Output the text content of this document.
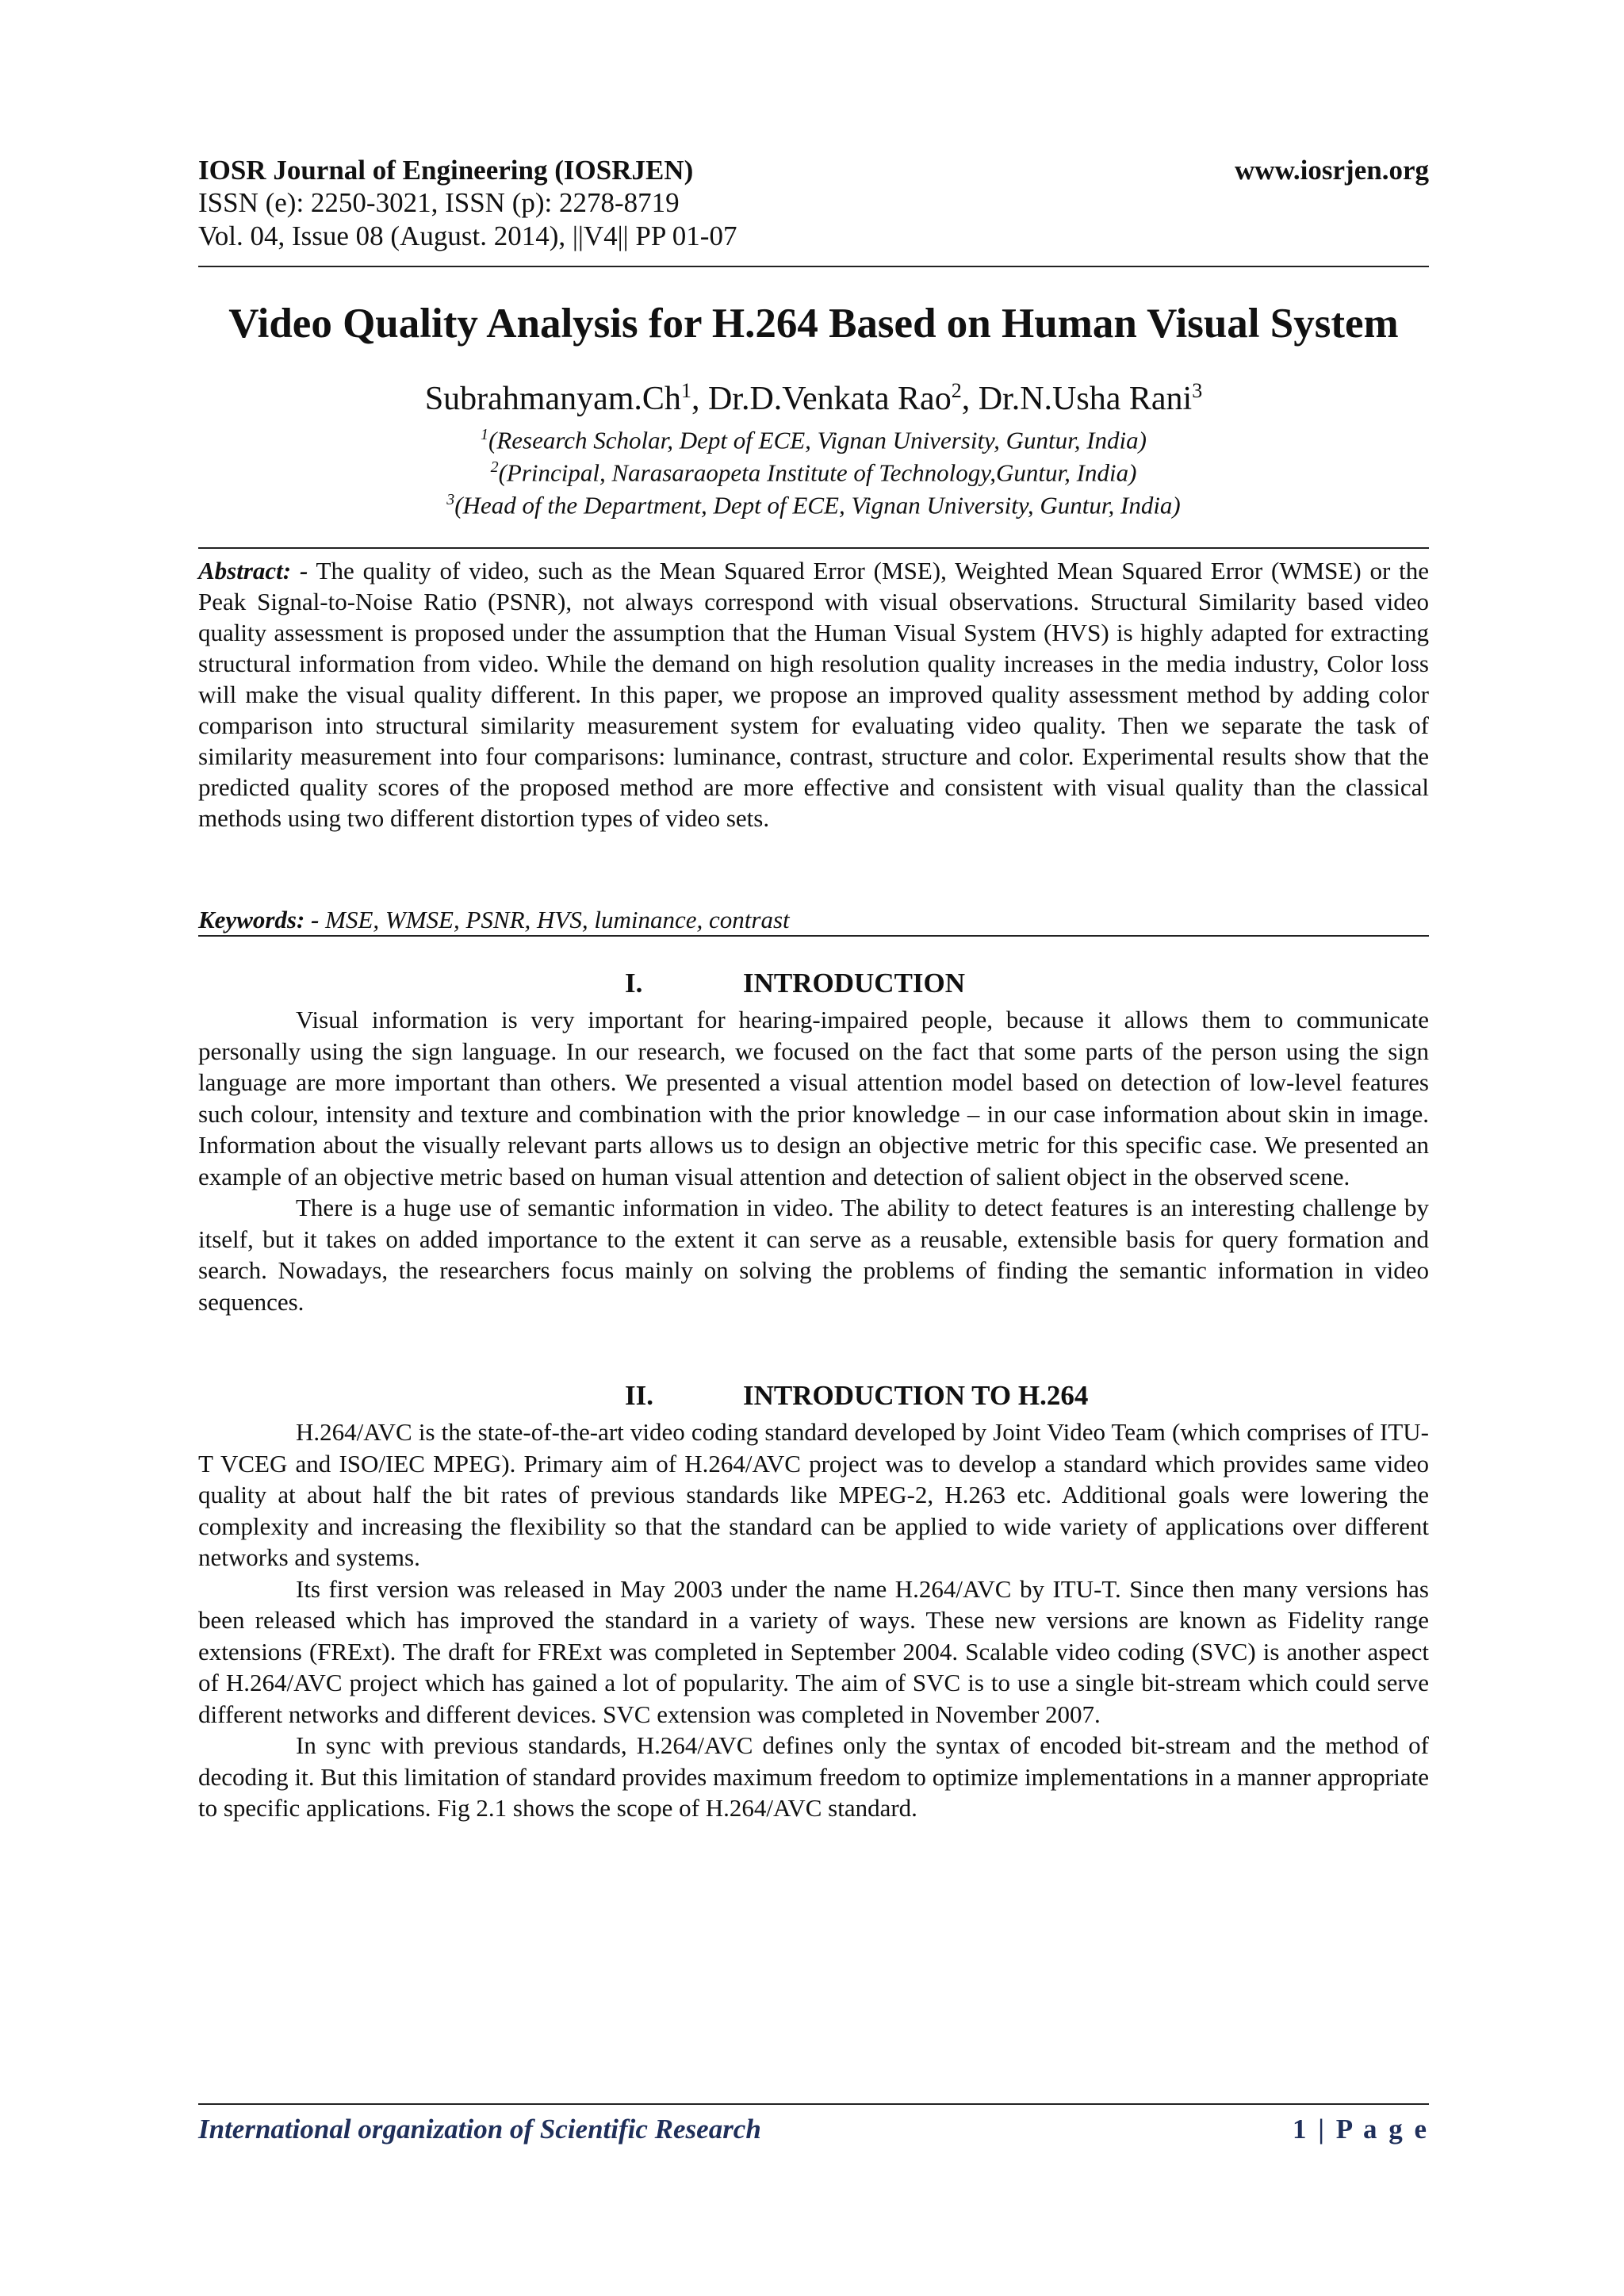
IOSR Journal of Engineering (IOSRJEN)	www.iosrjen.org
ISSN (e): 2250-3021, ISSN (p): 2278-8719
Vol. 04, Issue 08 (August. 2014), ||V4|| PP 01-07
Video Quality Analysis for H.264 Based on Human Visual System
Subrahmanyam.Ch$^1$, Dr.D.Venkata Rao$^2$, Dr.N.Usha Rani$^3$
$^1$(Research Scholar, Dept of ECE, Vignan University, Guntur, India)
$^2$(Principal, Narasaraopeta Institute of Technology,Guntur, India)
$^3$(Head of the Department, Dept of ECE, Vignan University, Guntur, India)
Abstract: - The quality of video, such as the Mean Squared Error (MSE), Weighted Mean Squared Error (WMSE) or the Peak Signal-to-Noise Ratio (PSNR), not always correspond with visual observations. Structural Similarity based video quality assessment is proposed under the assumption that the Human Visual System (HVS) is highly adapted for extracting structural information from video. While the demand on high resolution quality increases in the media industry, Color loss will make the visual quality different. In this paper, we propose an improved quality assessment method by adding color comparison into structural similarity measurement system for evaluating video quality. Then we separate the task of similarity measurement into four comparisons: luminance, contrast, structure and color. Experimental results show that the predicted quality scores of the proposed method are more effective and consistent with visual quality than the classical methods using two different distortion types of video sets.
Keywords: - MSE, WMSE, PSNR, HVS, luminance, contrast
I.	INTRODUCTION

Visual information is very important for hearing-impaired people, because it allows them to communicate personally using the sign language. In our research, we focused on the fact that some parts of the person using the sign language are more important than others. We presented a visual attention model based on detection of low-level features such colour, intensity and texture and combination with the prior knowledge – in our case information about skin in image. Information about the visually relevant parts allows us to design an objective metric for this specific case. We presented an example of an objective metric based on human visual attention and detection of salient object in the observed scene.

There is a huge use of semantic information in video. The ability to detect features is an interesting challenge by itself, but it takes on added importance to the extent it can serve as a reusable, extensible basis for query formation and search. Nowadays, the researchers focus mainly on solving the problems of finding the semantic information in video sequences.

II.	INTRODUCTION TO H.264

H.264/AVC is the state-of-the-art video coding standard developed by Joint Video Team (which comprises of ITU-T VCEG and ISO/IEC MPEG). Primary aim of H.264/AVC project was to develop a standard which provides same video quality at about half the bit rates of previous standards like MPEG-2, H.263 etc. Additional goals were lowering the complexity and increasing the flexibility so that the standard can be applied to wide variety of applications over different networks and systems.

Its first version was released in May 2003 under the name H.264/AVC by ITU-T. Since then many versions has been released which has improved the standard in a variety of ways. These new versions are known as Fidelity range extensions (FRExt). The draft for FRExt was completed in September 2004. Scalable video coding (SVC) is another aspect of H.264/AVC project which has gained a lot of popularity. The aim of SVC is to use a single bit-stream which could serve different networks and different devices. SVC extension was completed in November 2007.

In sync with previous standards, H.264/AVC defines only the syntax of encoded bit-stream and the method of decoding it. But this limitation of standard provides maximum freedom to optimize implementations in a manner appropriate to specific applications. Fig 2.1 shows the scope of H.264/AVC standard.

International organization of Scientific Research	1 | P a g e
